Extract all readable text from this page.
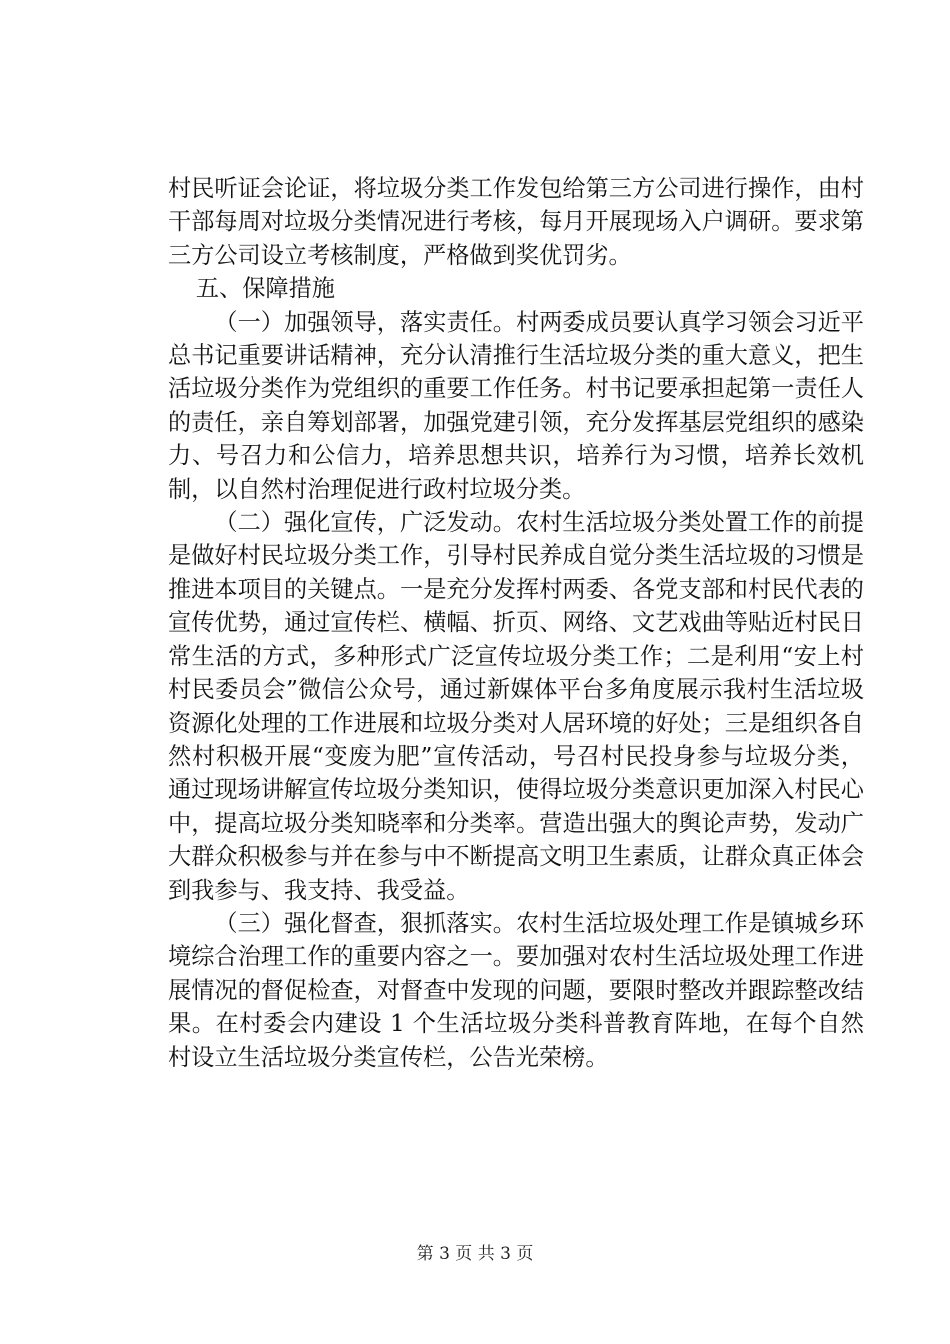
村民听证会论证，将垃圾分类工作发包给第三方公司进行操作，由村干部每周对垃圾分类情况进行考核，每月开展现场入户调研。要求第三方公司设立考核制度，严格做到奖优罚劣。

五、保障措施

（一）加强领导，落实责任。村两委成员要认真学习领会习近平总书记重要讲话精神，充分认清推行生活垃圾分类的重大意义，把生活垃圾分类作为党组织的重要工作任务。村书记要承担起第一责任人的责任，亲自筹划部署，加强党建引领，充分发挥基层党组织的感染力、号召力和公信力，培养思想共识，培养行为习惯，培养长效机制，以自然村治理促进行政村垃圾分类。

（二）强化宣传，广泛发动。农村生活垃圾分类处置工作的前提是做好村民垃圾分类工作，引导村民养成自觉分类生活垃圾的习惯是推进本项目的关键点。一是充分发挥村两委、各党支部和村民代表的宣传优势，通过宣传栏、横幅、折页、网络、文艺戏曲等贴近村民日常生活的方式，多种形式广泛宣传垃圾分类工作；二是利用“安上村村民委员会”微信公众号，通过新媒体平台多角度展示我村生活垃圾资源化处理的工作进展和垃圾分类对人居环境的好处；三是组织各自然村积极开展“变废为肥”宣传活动，号召村民投身参与垃圾分类，通过现场讲解宣传垃圾分类知识，使得垃圾分类意识更加深入村民心中，提高垃圾分类知晓率和分类率。营造出强大的舆论声势，发动广大群众积极参与并在参与中不断提高文明卫生素质，让群众真正体会到我参与、我支持、我受益。

（三）强化督查，狠抓落实。农村生活垃圾处理工作是镇城乡环境综合治理工作的重要内容之一。要加强对农村生活垃圾处理工作进展情况的督促检查，对督查中发现的问题，要限时整改并跟踪整改结果。在村委会内建设 1 个生活垃圾分类科普教育阵地，在每个自然村设立生活垃圾分类宣传栏，公告光荣榜。

第 3 页 共 3 页
